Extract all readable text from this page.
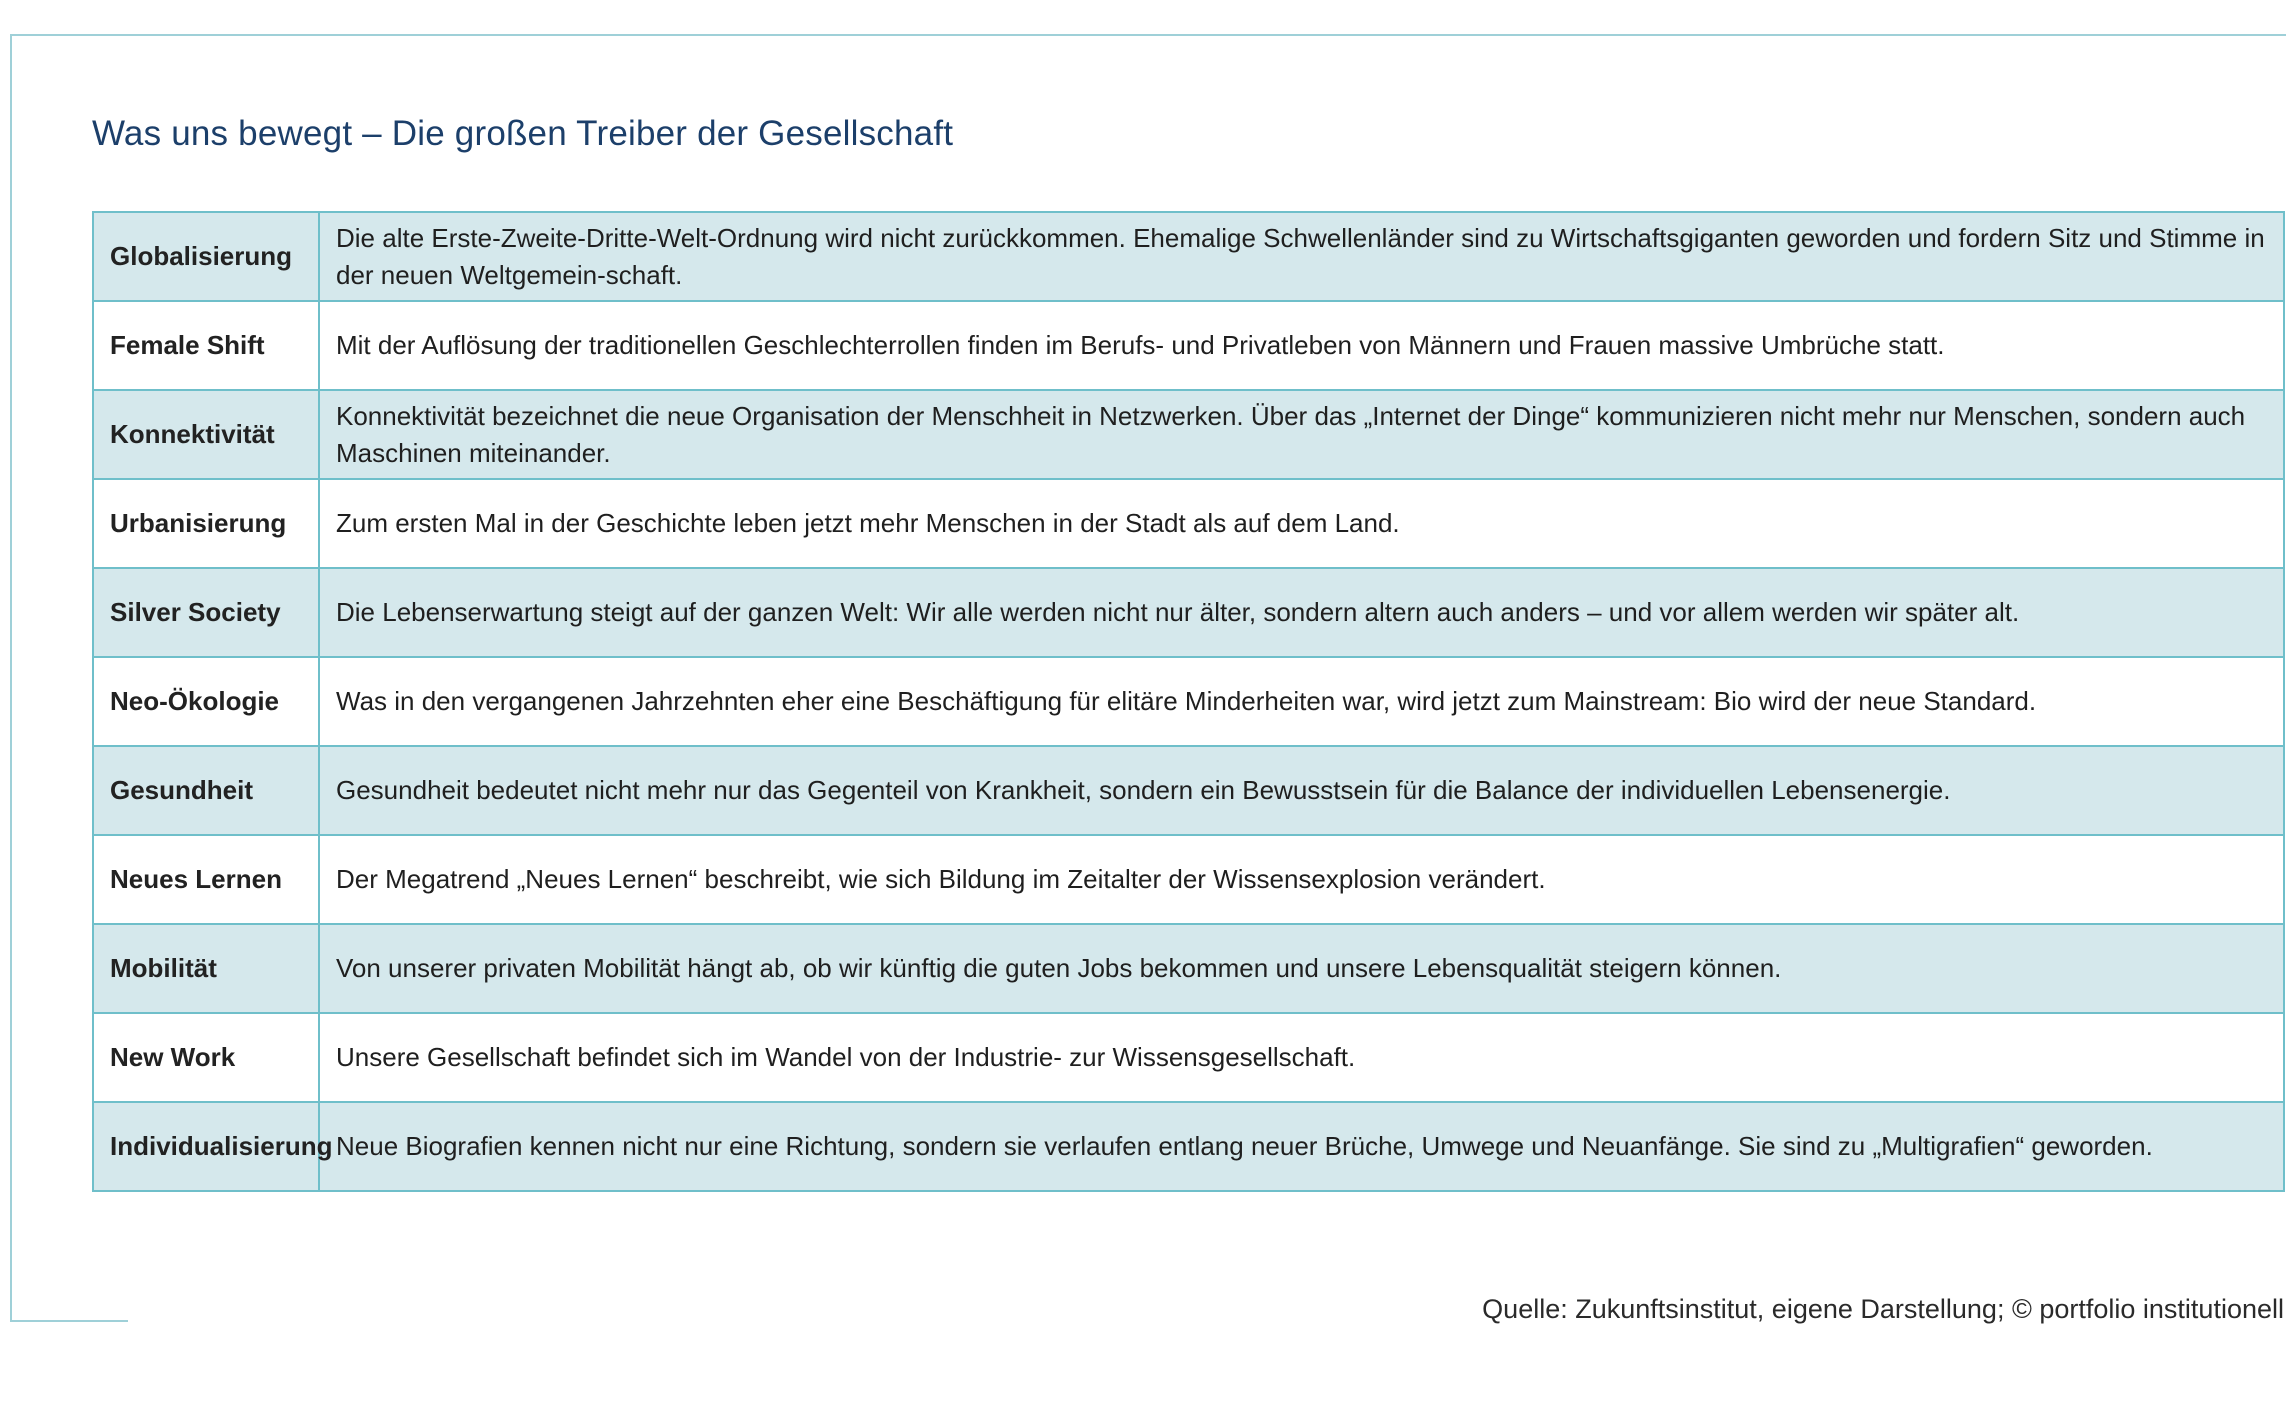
Was uns bewegt – Die großen Treiber der Gesellschaft
Globalisierung	Die alte Erste-Zweite-Dritte-Welt-Ordnung wird nicht zurückkommen. Ehemalige Schwellenländer sind zu Wirtschaftsgiganten geworden und fordern Sitz und Stimme in der neuen Weltgemein-schaft.
Female Shift	Mit der Auflösung der traditionellen Geschlechterrollen finden im Berufs- und Privatleben von Männern und Frauen massive Umbrüche statt.
Konnektivität	Konnektivität bezeichnet die neue Organisation der Menschheit in Netzwerken. Über das „Internet der Dinge“ kommunizieren nicht mehr nur Menschen, sondern auch Maschinen miteinander.
Urbanisierung	Zum ersten Mal in der Geschichte leben jetzt mehr Menschen in der Stadt als auf dem Land.
Silver Society	Die Lebenserwartung steigt auf der ganzen Welt: Wir alle werden nicht nur älter, sondern altern auch anders – und vor allem werden wir später alt.
Neo-Ökologie	Was in den vergangenen Jahrzehnten eher eine Beschäftigung für elitäre Minderheiten war, wird jetzt zum Mainstream: Bio wird der neue Standard.
Gesundheit	Gesundheit bedeutet nicht mehr nur das Gegenteil von Krankheit, sondern ein Bewusstsein für die Balance der individuellen Lebensenergie.
Neues Lernen	Der Megatrend „Neues Lernen“ beschreibt, wie sich Bildung im Zeitalter der Wissensexplosion verändert.
Mobilität	Von unserer privaten Mobilität hängt ab, ob wir künftig die guten Jobs bekommen und unsere Lebensqualität steigern können.
New Work	Unsere Gesellschaft befindet sich im Wandel von der Industrie- zur Wissensgesellschaft.
Individualisierung	Neue Biografien kennen nicht nur eine Richtung, sondern sie verlaufen entlang neuer Brüche, Umwege und Neuanfänge. Sie sind zu „Multigrafien“ geworden.
Quelle: Zukunftsinstitut, eigene Darstellung; © portfolio institutionell
